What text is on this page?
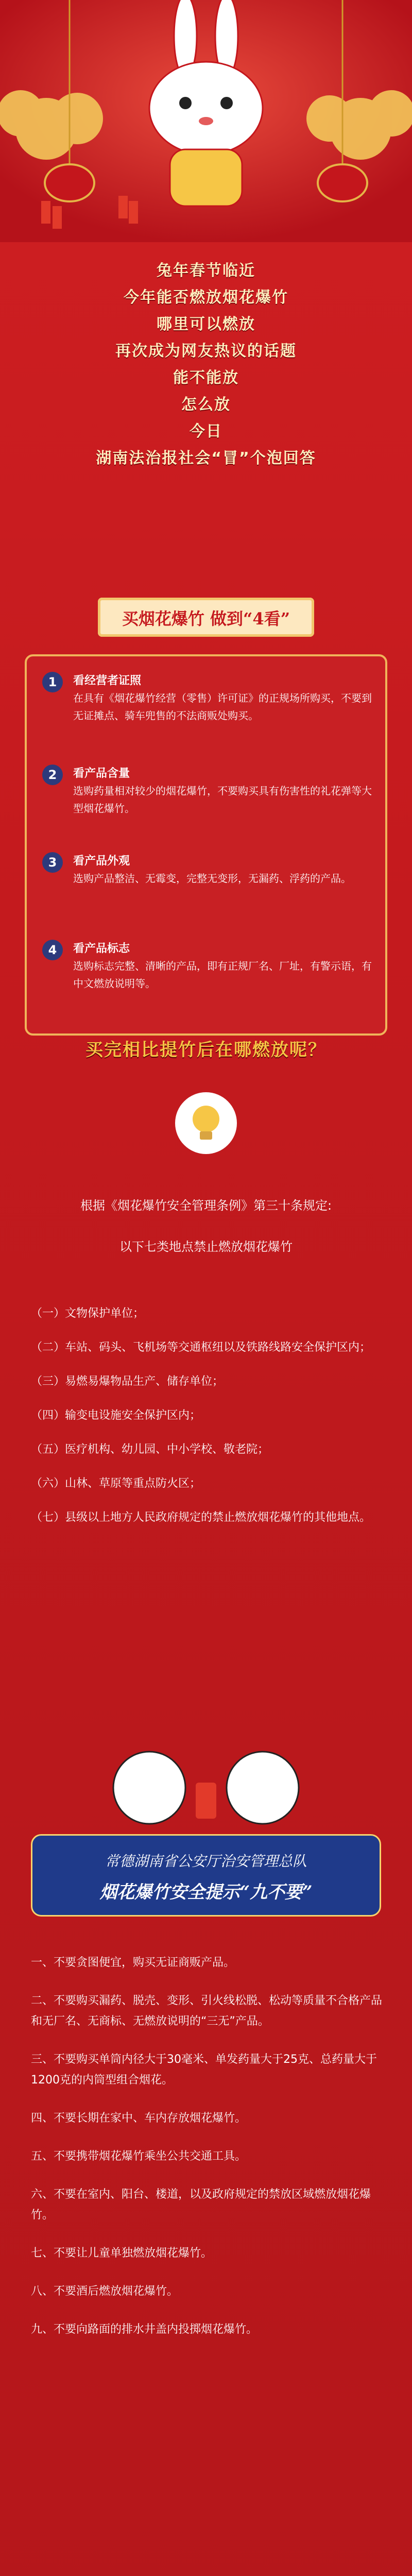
兔年春节临近
今年能否燃放烟花爆竹
哪里可以燃放
再次成为网友热议的话题
能不能放
怎么放
今日
湖南法治报社会“冒”个泡回答
买烟花爆竹 做到“4看”
1	看经营者证照
在具有《烟花爆竹经营（零售）许可证》的正规场所购买，不要到无证摊点、骑车兜售的不法商贩处购买。
2	看产品含量
选购药量相对较少的烟花爆竹，不要购买具有伤害性的礼花弹等大型烟花爆竹。
3	看产品外观
选购产品整洁、无霉变，完整无变形，无漏药、浮药的产品。
4	看产品标志
选购标志完整、清晰的产品，即有正规厂名、厂址，有警示语，有中文燃放说明等。
买完相比提竹后在哪燃放呢？
根据《烟花爆竹安全管理条例》第三十条规定:
以下七类地点禁止燃放烟花爆竹

（一）文物保护单位；

（二）车站、码头、飞机场等交通枢纽以及铁路线路安全保护区内；

（三）易燃易爆物品生产、储存单位；

（四）输变电设施安全保护区内；

（五）医疗机构、幼儿园、中小学校、敬老院；

（六）山林、草原等重点防火区；

（七）县级以上地方人民政府规定的禁止燃放烟花爆竹的其他地点。

常德湖南省公安厅治安管理总队
烟花爆竹安全提示“九不要”

一、不要贪图便宜，购买无证商贩产品。

二、不要购买漏药、脱壳、变形、引火线松脱、松动等质量不合格产品和无厂名、无商标、无燃放说明的“三无”产品。

三、不要购买单筒内径大于30毫米、单发药量大于25克、总药量大于1200克的内筒型组合烟花。

四、不要长期在家中、车内存放烟花爆竹。

五、不要携带烟花爆竹乘坐公共交通工具。

六、不要在室内、阳台、楼道，以及政府规定的禁放区域燃放烟花爆竹。

七、不要让儿童单独燃放烟花爆竹。

八、不要酒后燃放烟花爆竹。

九、不要向路面的排水井盖内投掷烟花爆竹。
